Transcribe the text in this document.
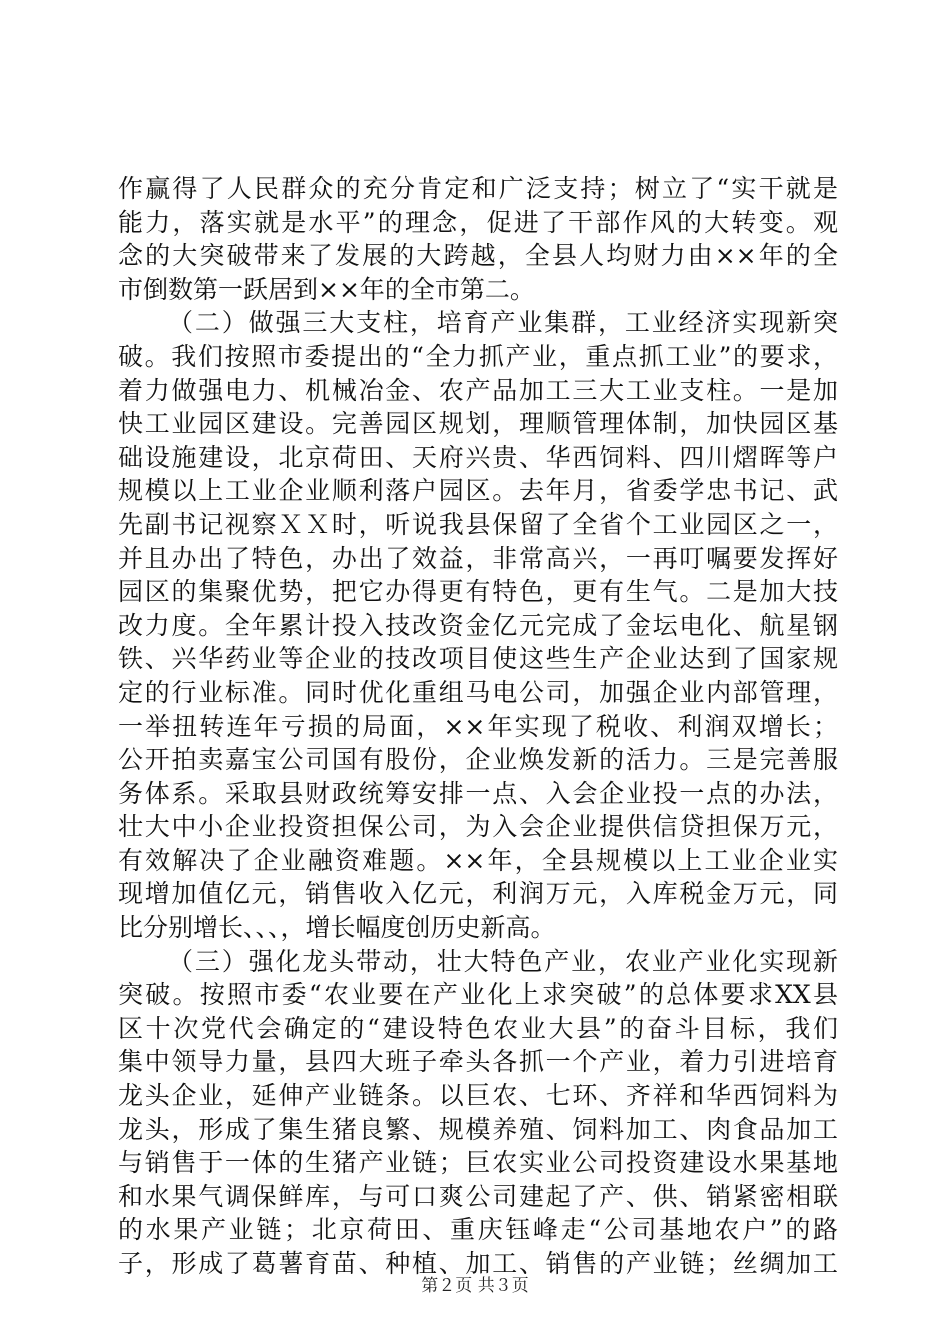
作赢得了人民群众的充分肯定和广泛支持；树立了“实干就是
能力，落实就是水平”的理念，促进了干部作风的大转变。观
念的大突破带来了发展的大跨越，全县人均财力由××年的全
市倒数第一跃居到××年的全市第二。
（二）做强三大支柱，培育产业集群，工业经济实现新突
破。我们按照市委提出的“全力抓产业，重点抓工业”的要求，
着力做强电力、机械冶金、农产品加工三大工业支柱。一是加
快工业园区建设。完善园区规划，理顺管理体制，加快园区基
础设施建设，北京荷田、天府兴贵、华西饲料、四川熠晖等户
规模以上工业企业顺利落户园区。去年月，省委学忠书记、武
先副书记视察ＸＸ时，听说我县保留了全省个工业园区之一，
并且办出了特色，办出了效益，非常高兴，一再叮嘱要发挥好
园区的集聚优势，把它办得更有特色，更有生气。二是加大技
改力度。全年累计投入技改资金亿元完成了金坛电化、航星钢
铁、兴华药业等企业的技改项目使这些生产企业达到了国家规
定的行业标准。同时优化重组马电公司，加强企业内部管理，
一举扭转连年亏损的局面，××年实现了税收、利润双增长；
公开拍卖嘉宝公司国有股份，企业焕发新的活力。三是完善服
务体系。采取县财政统筹安排一点、入会企业投一点的办法，
壮大中小企业投资担保公司，为入会企业提供信贷担保万元，
有效解决了企业融资难题。××年，全县规模以上工业企业实
现增加值亿元，销售收入亿元，利润万元，入库税金万元，同
比分别增长、、、，增长幅度创历史新高。
（三）强化龙头带动，壮大特色产业，农业产业化实现新
突破。按照市委“农业要在产业化上求突破”的总体要求XX县
区十次党代会确定的“建设特色农业大县”的奋斗目标，我们
集中领导力量，县四大班子牵头各抓一个产业，着力引进培育
龙头企业，延伸产业链条。以巨农、七环、齐祥和华西饲料为
龙头，形成了集生猪良繁、规模养殖、饲料加工、肉食品加工
与销售于一体的生猪产业链；巨农实业公司投资建设水果基地
和水果气调保鲜库，与可口爽公司建起了产、供、销紧密相联
的水果产业链；北京荷田、重庆钰峰走“公司基地农户”的路
子，形成了葛薯育苗、种植、加工、销售的产业链；丝绸加工
第２页 共３页
